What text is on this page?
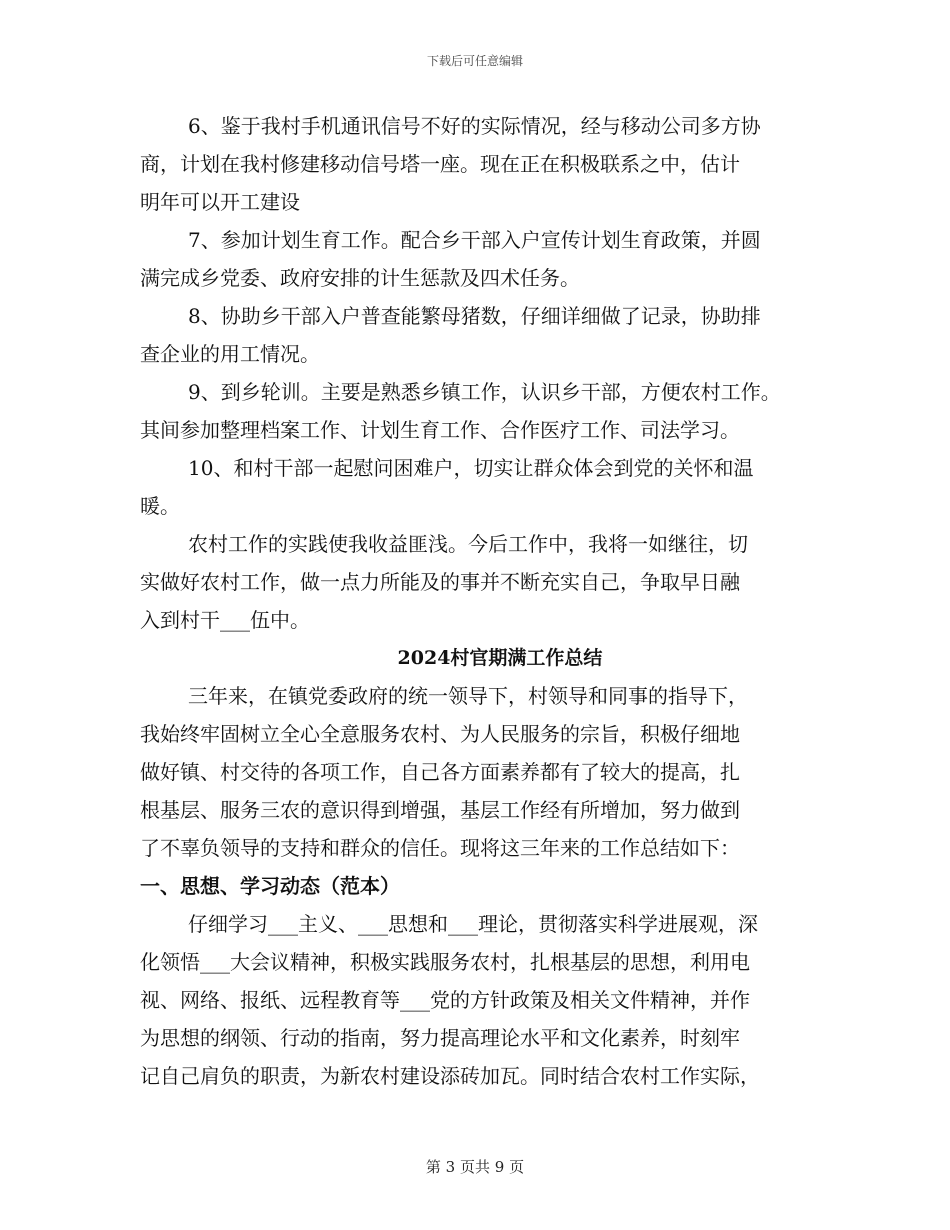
下载后可任意编辑
6、鉴于我村手机通讯信号不好的实际情况，经与移动公司多方协
商，计划在我村修建移动信号塔一座。现在正在积极联系之中，估计
明年可以开工建设
7、参加计划生育工作。配合乡干部入户宣传计划生育政策，并圆
满完成乡党委、政府安排的计生惩款及四术任务。
8、协助乡干部入户普查能繁母猪数，仔细详细做了记录，协助排
查企业的用工情况。
9、到乡轮训。主要是熟悉乡镇工作，认识乡干部，方便农村工作。
其间参加整理档案工作、计划生育工作、合作医疗工作、司法学习。
10、和村干部一起慰问困难户，切实让群众体会到党的关怀和温
暖。
农村工作的实践使我收益匪浅。今后工作中，我将一如继往，切
实做好农村工作，做一点力所能及的事并不断充实自己，争取早日融
入到村干___伍中。
2024村官期满工作总结
三年来，在镇党委政府的统一领导下，村领导和同事的指导下，
我始终牢固树立全心全意服务农村、为人民服务的宗旨，积极仔细地
做好镇、村交待的各项工作，自己各方面素养都有了较大的提高，扎
根基层、服务三农的意识得到增强，基层工作经有所增加，努力做到
了不辜负领导的支持和群众的信任。现将这三年来的工作总结如下：
一、思想、学习动态（范本）
仔细学习___主义、___思想和___理论，贯彻落实科学进展观，深
化领悟___大会议精神，积极实践服务农村，扎根基层的思想，利用电
视、网络、报纸、远程教育等___党的方针政策及相关文件精神，并作
为思想的纲领、行动的指南，努力提高理论水平和文化素养，时刻牢
记自己肩负的职责，为新农村建设添砖加瓦。同时结合农村工作实际，
第 3 页共 9 页
